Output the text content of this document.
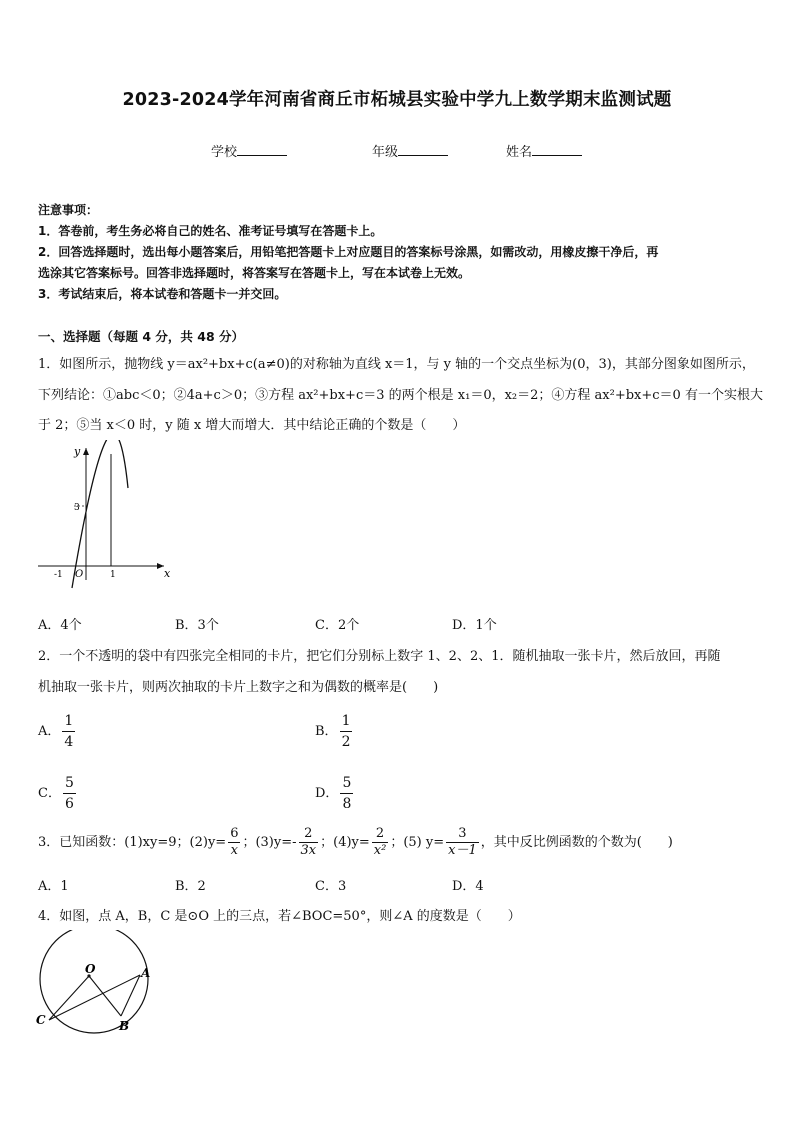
2023-2024学年河南省商丘市柘城县实验中学九上数学期末监测试题
学校	年级	姓名
注意事项：
1．答卷前，考生务必将自己的姓名、准考证号填写在答题卡上。
2．回答选择题时，选出每小题答案后，用铅笔把答题卡上对应题目的答案标号涂黑，如需改动，用橡皮擦干净后，再
选涂其它答案标号。回答非选择题时，将答案写在答题卡上，写在本试卷上无效。
3．考试结束后，将本试卷和答题卡一并交回。
一、选择题（每题 4 分，共 48 分）
1．如图所示，抛物线 y＝ax²+bx+c(a≠0)的对称轴为直线 x＝1，与 y 轴的一个交点坐标为(0，3)，其部分图象如图所示，
下列结论：①abc＜0；②4a+c＞0；③方程 ax²+bx+c＝3 的两个根是 x₁＝0，x₂＝2；④方程 ax²+bx+c＝0 有一个实根大
于 2；⑤当 x＜0 时，y 随 x 增大而增大．其中结论正确的个数是（　　）
y
x
O
3
-1	1
A．4个	B．3个	C．2个	D．1个
2．一个不透明的袋中有四张完全相同的卡片，把它们分别标上数字 1、2、2、1．随机抽取一张卡片，然后放回，再随
机抽取一张卡片，则两次抽取的卡片上数字之和为偶数的概率是(　　)
A． $\frac{1}{4}$	B． $\frac{1}{2}$
C． $\frac{5}{6}$	D． $\frac{5}{8}$
3．已知函数：(1)xy=9；$(2)y= \frac{6}{x}$ ；$(3)y=- \frac{2}{3x}$ ；$(4)y= \frac{2}{\text{x²}}$ ；(5) $y= \frac{3}{x-1}$ ，其中反比例函数的个数为(　　)
A．1	B．2	C．3	D．4
4．如图，点 A，B，C 是⊙O 上的三点，若∠BOC=50°，则∠A 的度数是（　　）
O	A
B
C
